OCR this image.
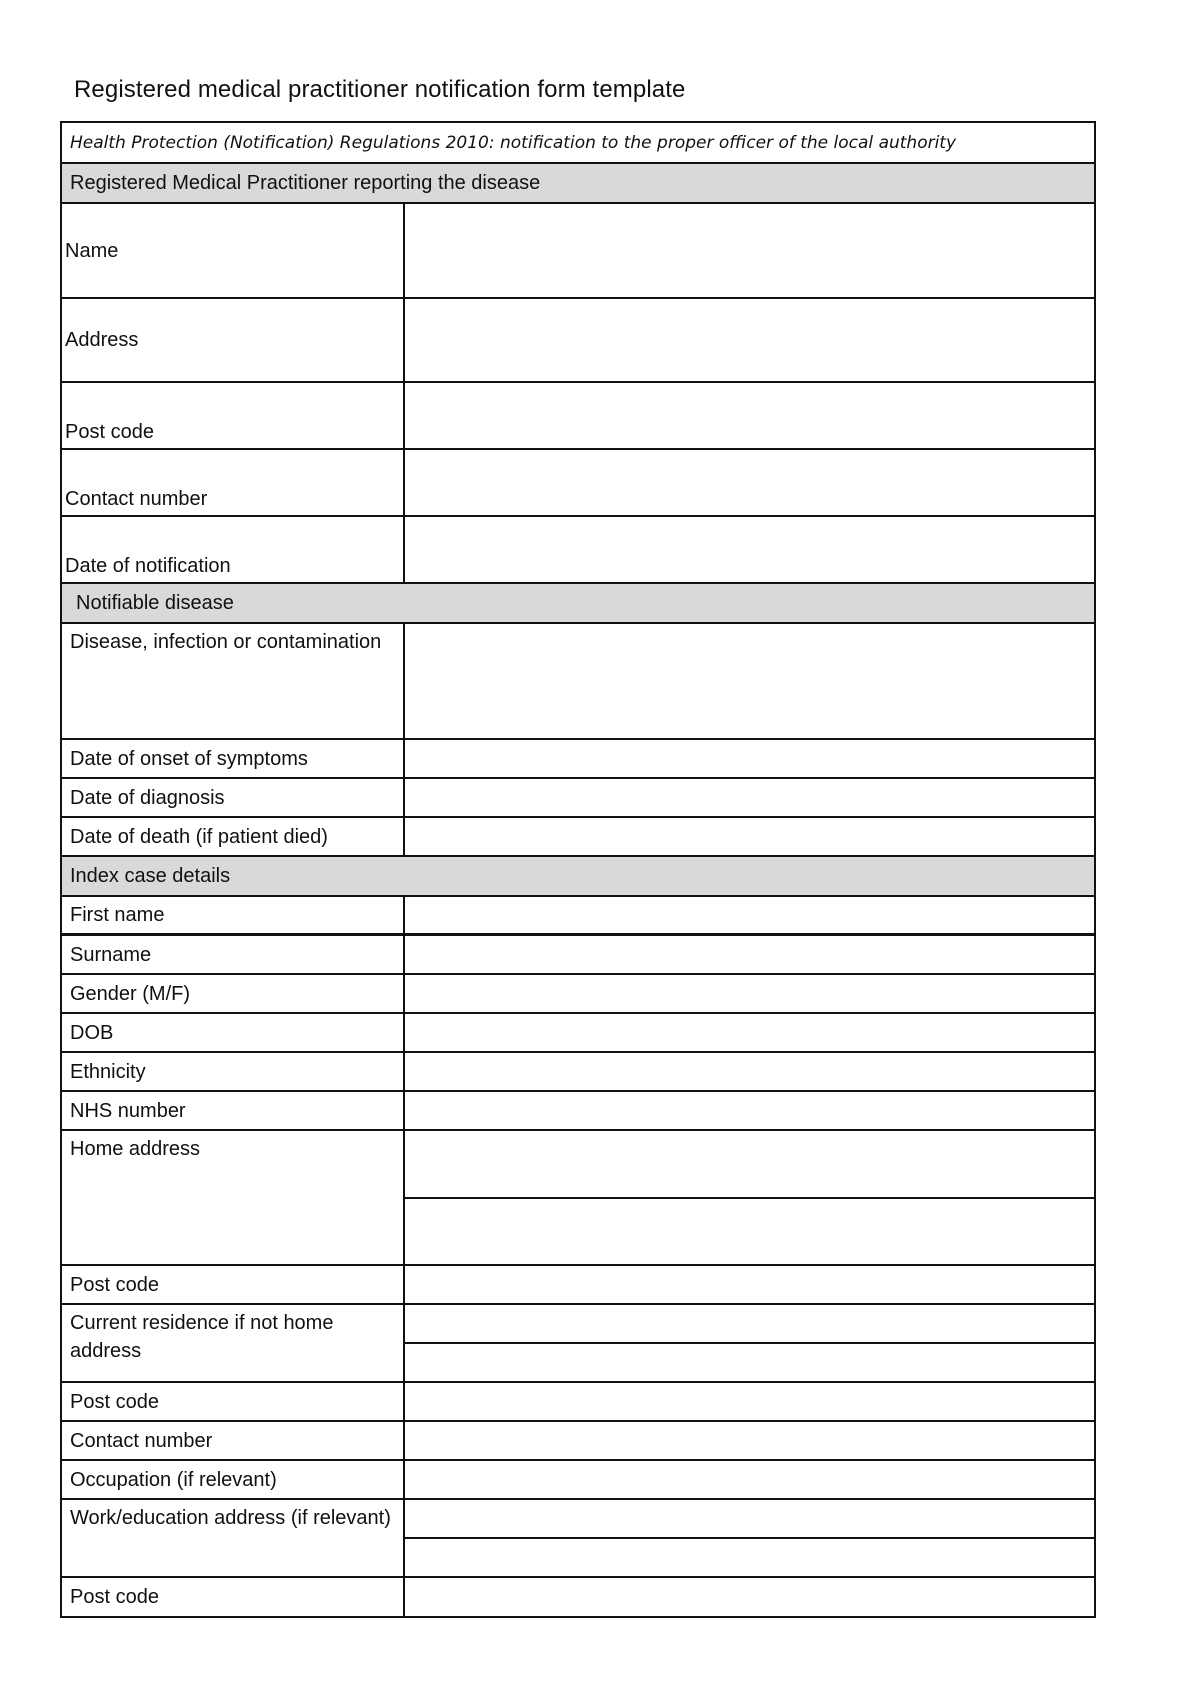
Registered medical practitioner notification form template
Health Protection (Notification) Regulations 2010: notification to the proper officer of the local authority
Registered Medical Practitioner reporting the disease
Name
Address
Post code
Contact number
Date of notification
Notifiable disease
Disease, infection or contamination
Date of onset of symptoms
Date of diagnosis
Date of death (if patient died)
Index case details
First name
Surname
Gender (M/F)
DOB
Ethnicity
NHS number
Home address
Post code
Current residence if not home address
Post code
Contact number
Occupation (if relevant)
Work/education address (if relevant)
Post code
